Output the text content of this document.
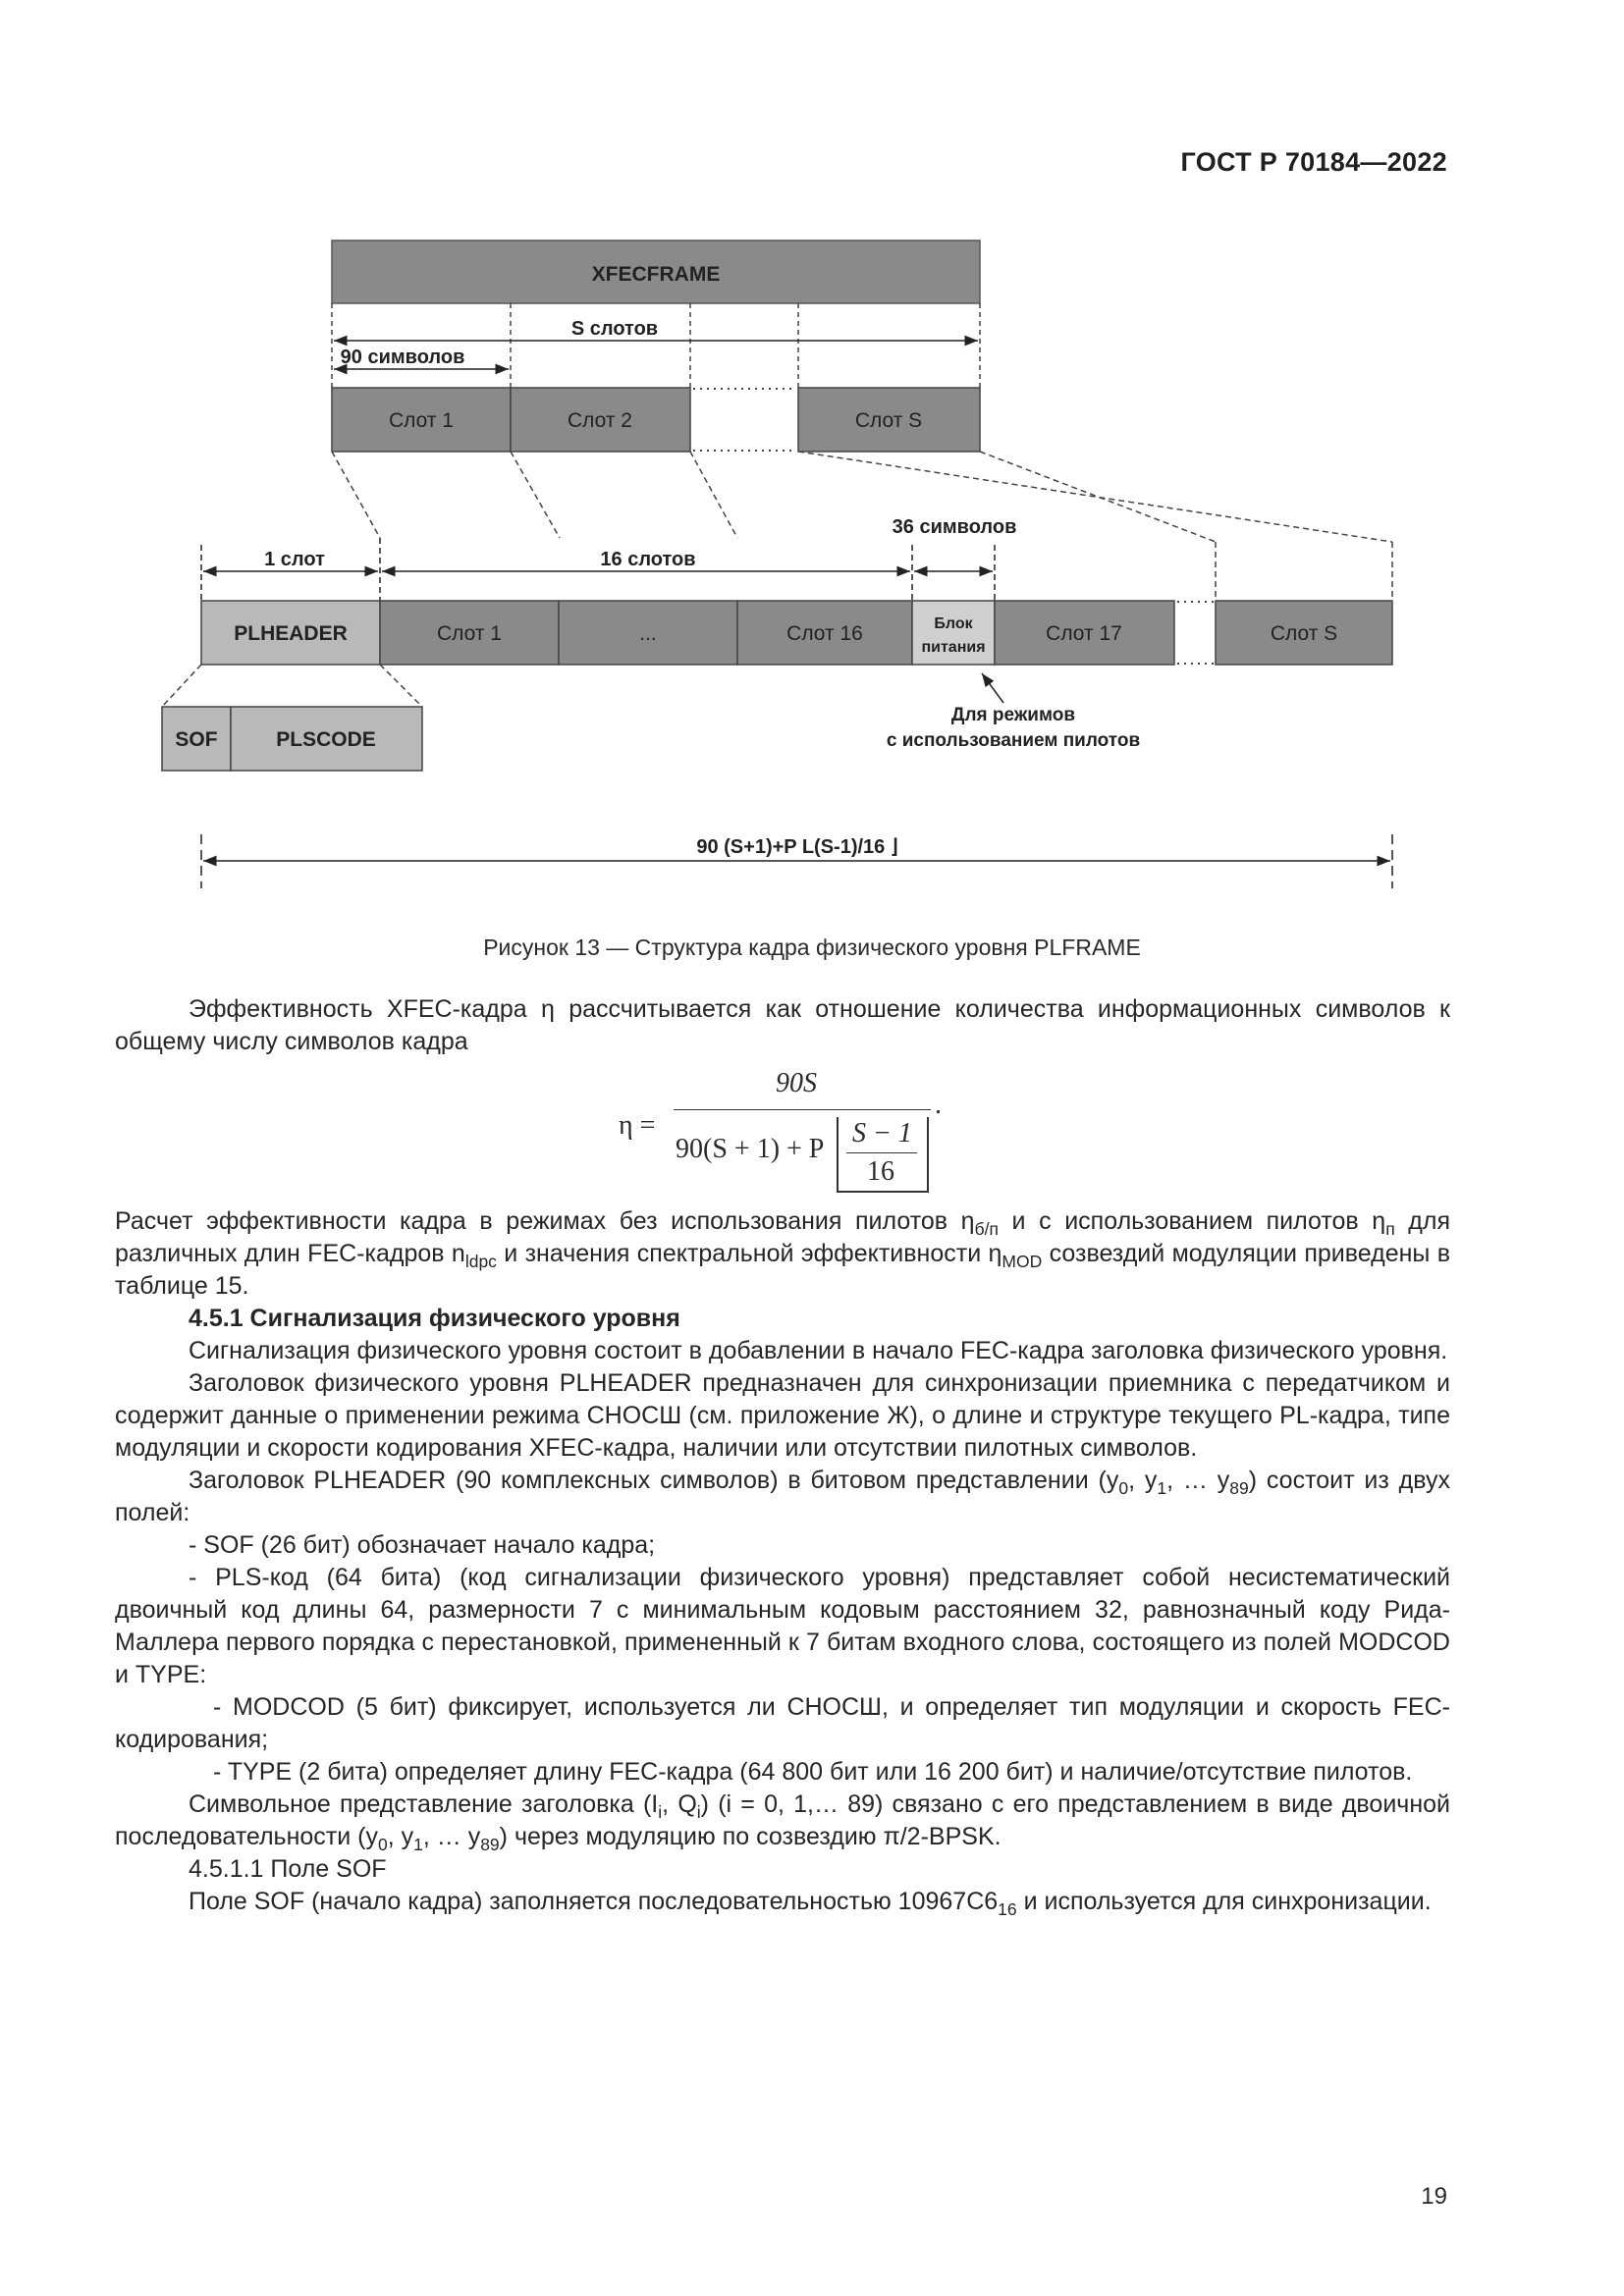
ГОСТ Р 70184—2022
XFECFRAME
S слотов
90 символов
Слот 1	Слот 2	Слот S
1 слот	16 слотов
36 символов
PLHEADER	Слот 1	...	Слот 16	Блок
питания
Слот 17	Слот S
Для режимов
с использованием пилотов
SOF	PLSCODE
90 (S+1)+P L(S-1)/16 ⌋
Рисунок 13 — Структура кадра физического уровня PLFRAME

Эффективность XFEC-кадра η рассчитывается как отношение количества информационных символов к общему числу символов кадра

η =
90S
90(S + 1) + P
S − 1
16
.

Расчет эффективности кадра в режимах без использования пилотов $\eta_{б/п}$ и с использованием пилотов $\eta_п$ для различных длин FEC-кадров $n_{ldpc}$ и значения спектральной эффективности $\eta_{MOD}$ созвездий модуляции приведены в таблице 15.

4.5.1 Сигнализация физического уровня

Сигнализация физического уровня состоит в добавлении в начало FEC-кадра заголовка физического уровня.

Заголовок физического уровня PLHEADER предназначен для синхронизации приемника с передатчиком и содержит данные о применении режима СНОСШ (см. приложение Ж), о длине и структуре текущего PL-кадра, типе модуляции и скорости кодирования XFEC-кадра, наличии или отсутствии пилотных символов.

Заголовок PLHEADER (90 комплексных символов) в битовом представлении ($y_0$, $y_1$, … $y_{89}$) состоит из двух полей:

- SOF (26 бит) обозначает начало кадра;

- PLS-код (64 бита) (код сигнализации физического уровня) представляет собой несистематический двоичный код длины 64, размерности 7 с минимальным кодовым расстоянием 32, равнозначный коду Рида-Маллера первого порядка с перестановкой, примененный к 7 битам входного слова, состоящего из полей MODCOD и TYPE:

- MODCOD (5 бит) фиксирует, используется ли СНОСШ, и определяет тип модуляции и скорость FEC-кодирования;

- TYPE (2 бита) определяет длину FEC-кадра (64 800 бит или 16 200 бит) и наличие/отсутствие пилотов.

Символьное представление заголовка ($I_i$, $Q_i$) (i = 0, 1,… 89) связано с его представлением в виде двоичной последовательности ($y_0$, $y_1$, … $y_{89}$) через модуляцию по созвездию π/2-BPSK.

4.5.1.1 Поле SOF

Поле SOF (начало кадра) заполняется последовательностью $10967C6_{16}$ и используется для синхронизации.

19
